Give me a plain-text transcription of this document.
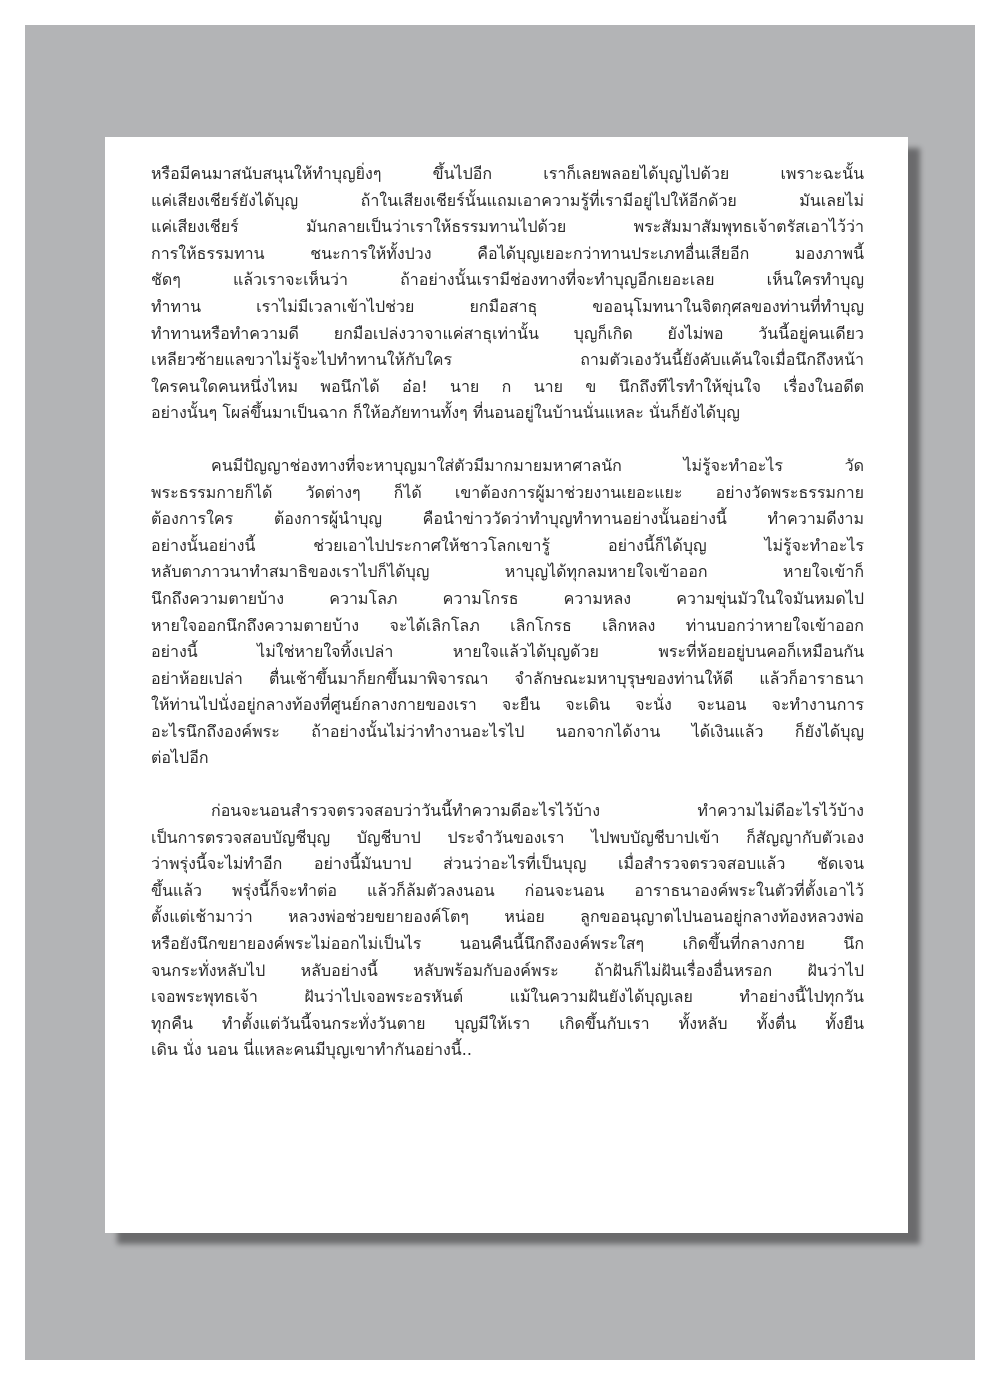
หรือมีคนมาสนับสนุนให้ทำบุญยิ่งๆ ขึ้นไปอีก เราก็เลยพลอยได้บุญไปด้วย เพราะฉะนั้น
แค่เสียงเชียร์ยังได้บุญ ถ้าในเสียงเชียร์นั้นแถมเอาความรู้ที่เรามีอยู่ไปให้อีกด้วย มันเลยไม่
แค่เสียงเชียร์ มันกลายเป็นว่าเราให้ธรรมทานไปด้วย พระสัมมาสัมพุทธเจ้าตรัสเอาไว้ว่า
การให้ธรรมทาน ชนะการให้ทั้งปวง คือได้บุญเยอะกว่าทานประเภทอื่นเสียอีก มองภาพนี้
ชัดๆ แล้วเราจะเห็นว่า ถ้าอย่างนั้นเรามีช่องทางที่จะทำบุญอีกเยอะเลย เห็นใครทำบุญ
ทำทาน เราไม่มีเวลาเข้าไปช่วย ยกมือสาธุ ขออนุโมทนาในจิตกุศลของท่านที่ทำบุญ
ทำทานหรือทำความดี ยกมือเปล่งวาจาแค่สาธุเท่านั้น บุญก็เกิด ยังไม่พอ วันนี้อยู่คนเดียว
เหลียวซ้ายแลขวาไม่รู้จะไปทำทานให้กับใคร ถามตัวเองวันนี้ยังคับแค้นใจเมื่อนึกถึงหน้า
ใครคนใดคนหนึ่งไหม พอนึกได้ อ๋อ! นาย ก นาย ข นึกถึงทีไรทำให้ขุ่นใจ เรื่องในอดีต
อย่างนั้นๆ โผล่ขึ้นมาเป็นฉาก ก็ให้อภัยทานทั้งๆ ที่นอนอยู่ในบ้านนั่นแหละ นั่นก็ยังได้บุญ

คนมีปัญญาช่องทางที่จะหาบุญมาใส่ตัวมีมากมายมหาศาลนัก ไม่รู้จะทำอะไร วัด
พระธรรมกายก็ได้ วัดต่างๆ ก็ได้ เขาต้องการผู้มาช่วยงานเยอะแยะ อย่างวัดพระธรรมกาย
ต้องการใคร ต้องการผู้นำบุญ คือนำข่าววัดว่าทำบุญทำทานอย่างนั้นอย่างนี้ ทำความดีงาม
อย่างนั้นอย่างนี้ ช่วยเอาไปประกาศให้ชาวโลกเขารู้ อย่างนี้ก็ได้บุญ ไม่รู้จะทำอะไร
หลับตาภาวนาทำสมาธิของเราไปก็ได้บุญ หาบุญได้ทุกลมหายใจเข้าออก หายใจเข้าก็
นึกถึงความตายบ้าง ความโลภ ความโกรธ ความหลง ความขุ่นมัวในใจมันหมดไป
หายใจออกนึกถึงความตายบ้าง จะได้เลิกโลภ เลิกโกรธ เลิกหลง ท่านบอกว่าหายใจเข้าออก
อย่างนี้ ไม่ใช่หายใจทิ้งเปล่า หายใจแล้วได้บุญด้วย พระที่ห้อยอยู่บนคอก็เหมือนกัน
อย่าห้อยเปล่า ตื่นเช้าขึ้นมาก็ยกขึ้นมาพิจารณา จำลักษณะมหาบุรุษของท่านให้ดี แล้วก็อาราธนา
ให้ท่านไปนั่งอยู่กลางท้องที่ศูนย์กลางกายของเรา จะยืน จะเดิน จะนั่ง จะนอน จะทำงานการ
อะไรนึกถึงองค์พระ ถ้าอย่างนั้นไม่ว่าทำงานอะไรไป นอกจากได้งาน ได้เงินแล้ว ก็ยังได้บุญ
ต่อไปอีก

ก่อนจะนอนสำรวจตรวจสอบว่าวันนี้ทำความดีอะไรไว้บ้าง ทำความไม่ดีอะไรไว้บ้าง
เป็นการตรวจสอบบัญชีบุญ บัญชีบาป ประจำวันของเรา ไปพบบัญชีบาปเข้า ก็สัญญากับตัวเอง
ว่าพรุ่งนี้จะไม่ทำอีก อย่างนี้มันบาป ส่วนว่าอะไรที่เป็นบุญ เมื่อสำรวจตรวจสอบแล้ว ชัดเจน
ขึ้นแล้ว พรุ่งนี้ก็จะทำต่อ แล้วก็ล้มตัวลงนอน ก่อนจะนอน อาราธนาองค์พระในตัวที่ตั้งเอาไว้
ตั้งแต่เช้ามาว่า หลวงพ่อช่วยขยายองค์โตๆ หน่อย ลูกขออนุญาตไปนอนอยู่กลางท้องหลวงพ่อ
หรือยังนึกขยายองค์พระไม่ออกไม่เป็นไร นอนคืนนี้นึกถึงองค์พระใสๆ เกิดขึ้นที่กลางกาย นึก
จนกระทั่งหลับไป หลับอย่างนี้ หลับพร้อมกับองค์พระ ถ้าฝันก็ไม่ฝันเรื่องอื่นหรอก ฝันว่าไป
เจอพระพุทธเจ้า ฝันว่าไปเจอพระอรหันต์ แม้ในความฝันยังได้บุญเลย ทำอย่างนี้ไปทุกวัน
ทุกคืน ทำตั้งแต่วันนี้จนกระทั่งวันตาย บุญมีให้เรา เกิดขึ้นกับเรา ทั้งหลับ ทั้งตื่น ทั้งยืน
เดิน นั่ง นอน นี่แหละคนมีบุญเขาทำกันอย่างนี้..
